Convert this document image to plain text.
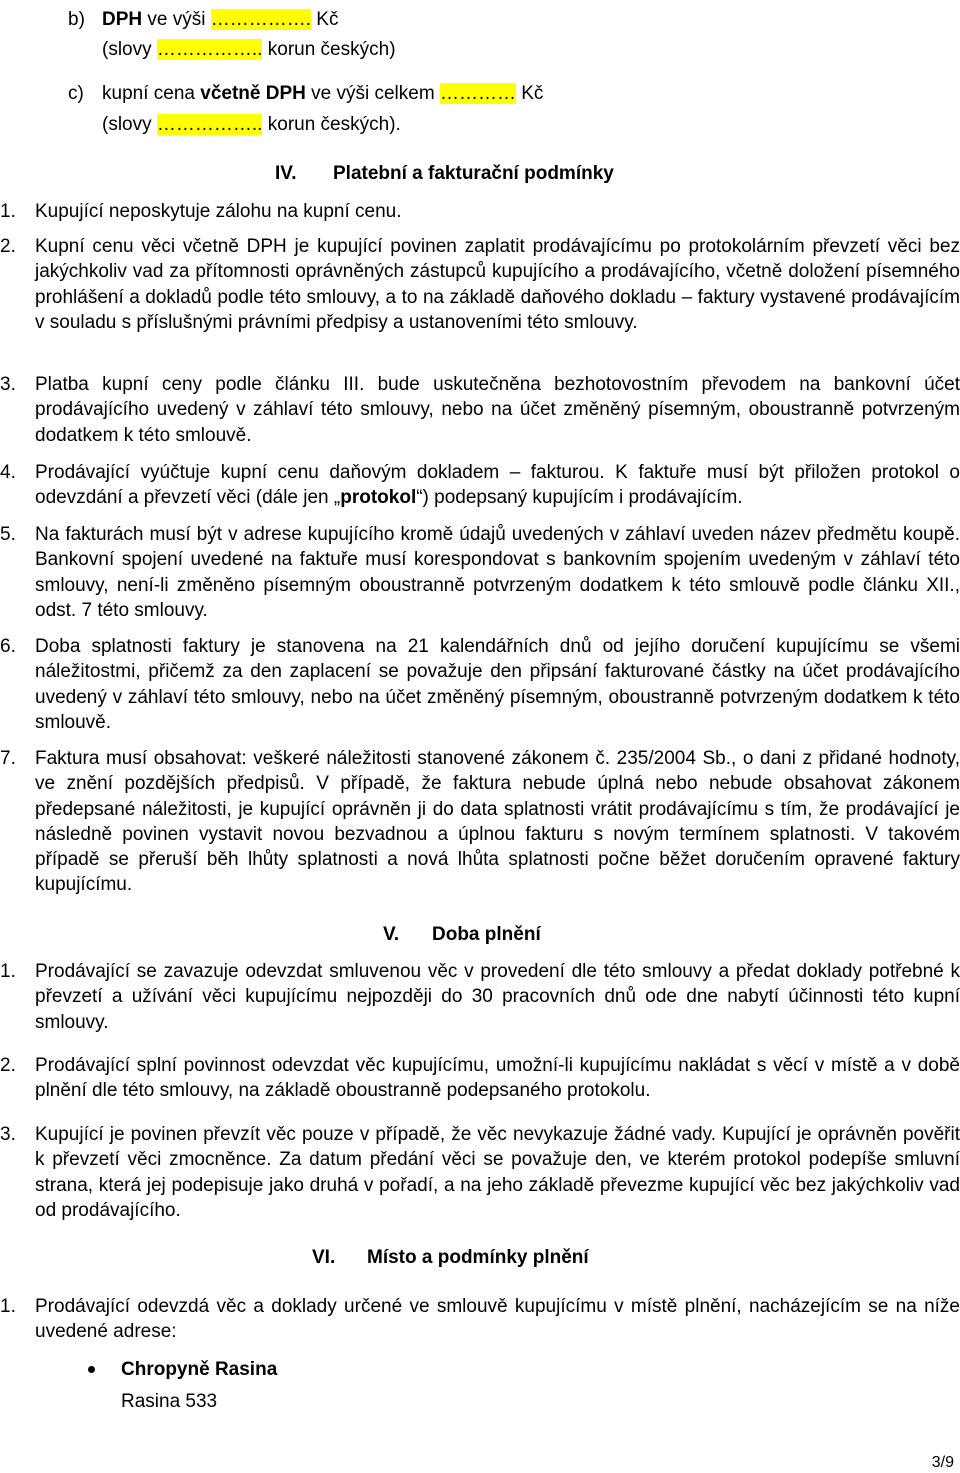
b) DPH ve výši ……………. Kč
(slovy …………….. korun českých)
c) kupní cena včetně DPH ve výši celkem ………… Kč
(slovy …………….. korun českých).
IV. Platební a fakturační podmínky
1. Kupující neposkytuje zálohu na kupní cenu.
2. Kupní cenu věci včetně DPH je kupující povinen zaplatit prodávajícímu po protokolárním převzetí věci bez jakýchkoliv vad za přítomnosti oprávněných zástupců kupujícího a prodávajícího, včetně doložení písemného prohlášení a dokladů podle této smlouvy, a to na základě daňového dokladu – faktury vystavené prodávajícím v souladu s příslušnými právními předpisy a ustanoveními této smlouvy.
3. Platba kupní ceny podle článku III. bude uskutečněna bezhotovostním převodem na bankovní účet prodávajícího uvedený v záhlaví této smlouvy, nebo na účet změněný písemným, oboustranně potvrzeným dodatkem k této smlouvě.
4. Prodávající vyúčtuje kupní cenu daňovým dokladem – fakturou. K faktuře musí být přiložen protokol o odevzdání a převzetí věci (dále jen „protokol“) podepsaný kupujícím i prodávajícím.
5. Na fakturách musí být v adrese kupujícího kromě údajů uvedených v záhlaví uveden název předmětu koupě. Bankovní spojení uvedené na faktuře musí korespondovat s bankovním spojením uvedeným v záhlaví této smlouvy, není-li změněno písemným oboustranně potvrzeným dodatkem k této smlouvě podle článku XII., odst. 7 této smlouvy.
6. Doba splatnosti faktury je stanovena na 21 kalendářních dnů od jejího doručení kupujícímu se všemi náležitostmi, přičemž za den zaplacení se považuje den připsání fakturované částky na účet prodávajícího uvedený v záhlaví této smlouvy, nebo na účet změněný písemným, oboustranně potvrzeným dodatkem k této smlouvě.
7. Faktura musí obsahovat: veškeré náležitosti stanovené zákonem č. 235/2004 Sb., o dani z přidané hodnoty, ve znění pozdějších předpisů. V případě, že faktura nebude úplná nebo nebude obsahovat zákonem předepsané náležitosti, je kupující oprávněn ji do data splatnosti vrátit prodávajícímu s tím, že prodávající je následně povinen vystavit novou bezvadnou a úplnou fakturu s novým termínem splatnosti. V takovém případě se přeruší běh lhůty splatnosti a nová lhůta splatnosti počne běžet doručením opravené faktury kupujícímu.
V. Doba plnění
1. Prodávající se zavazuje odevzdat smluvenou věc v provedení dle této smlouvy a předat doklady potřebné k převzetí a užívání věci kupujícímu nejpozději do 30 pracovních dnů ode dne nabytí účinnosti této kupní smlouvy.
2. Prodávající splní povinnost odevzdat věc kupujícímu, umožní-li kupujícímu nakládat s věcí v místě a v době plnění dle této smlouvy, na základě oboustranně podepsaného protokolu.
3. Kupující je povinen převzít věc pouze v případě, že věc nevykazuje žádné vady. Kupující je oprávněn pověřit k převzetí věci zmocněnce. Za datum předání věci se považuje den, ve kterém protokol podepíše smluvní strana, která jej podepisuje jako druhá v pořadí, a na jeho základě převezme kupující věc bez jakýchkoliv vad od prodávajícího.
VI. Místo a podmínky plnění
1. Prodávající odevzdá věc a doklady určené ve smlouvě kupujícímu v místě plnění, nacházejícím se na níže uvedené adrese:
Chropyně Rasina
Rasina 533
3/9
